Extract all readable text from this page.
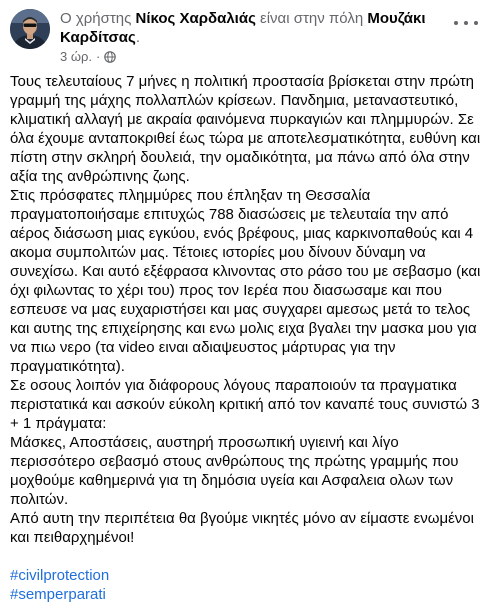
Ο χρήστης Νίκος Χαρδαλιάς είναι στην πόλη Μουζάκι Καρδίτσας.
3 ώρ. ·

Τους τελευταίους 7 μήνες η πολιτική προστασία βρίσκεται στην πρώτη γραμμή της μάχης πολλαπλών κρίσεων. Πανδημια, μεταναστευτικό, κλιματική αλλαγή με ακραία φαινόμενα πυρκαγιών και πλημμυρών. Σε όλα έχουμε ανταποκριθεί έως τώρα με αποτελεσματικότητα, ευθύνη και πίστη στην σκληρή δουλειά, την ομαδικότητα, μα πάνω από όλα στην αξία της ανθρώπινης ζωης.

Στις πρόσφατες πλημμύρες που έπληξαν τη Θεσσαλία πραγματοποιήσαμε επιτυχώς 788 διασώσεις με τελευταία την από αέρος διάσωση μιας εγκύου, ενός βρέφους, μιας καρκινοπαθούς και 4 ακομα συμπολιτών μας. Τέτοιες ιστορίες μου δίνουν δύναμη να συνεχίσω. Και αυτό εξέφρασα κλινοντας στο ράσο του με σεβασμο (και όχι φιλωντας το χέρι του) προς τον Ιερέα που διασωσαμε και που εσπευσε να μας ευχαριστήσει και μας συγχαρει αμεσως μετά το τελος και αυτης της επιχείρησης και ενω μολις ειχα βγαλει την μασκα μου για να πιω νερο (τα video ειναι αδιαψευστος μάρτυρας για την πραγματικότητα).

Σε οσους λοιπόν για διάφορους λόγους παραποιούν τα πραγματικα περιστατικά και ασκούν εύκολη κριτική από τον καναπέ τους συνιστώ 3 + 1 πράγματα:

Μάσκες, Αποστάσεις, αυστηρή προσωπική υγιεινή και λίγο περισσότερο σεβασμό στους ανθρώπους της πρώτης γραμμής που μοχθούμε καθημερινά για τη δημόσια υγεία και Ασφαλεια ολων των πολιτών.

Από αυτη την περιπέτεια θα βγούμε νικητές μόνο αν είμαστε ενωμένοι και πειθαρχημένοι!

#civilprotection
#semperparati
